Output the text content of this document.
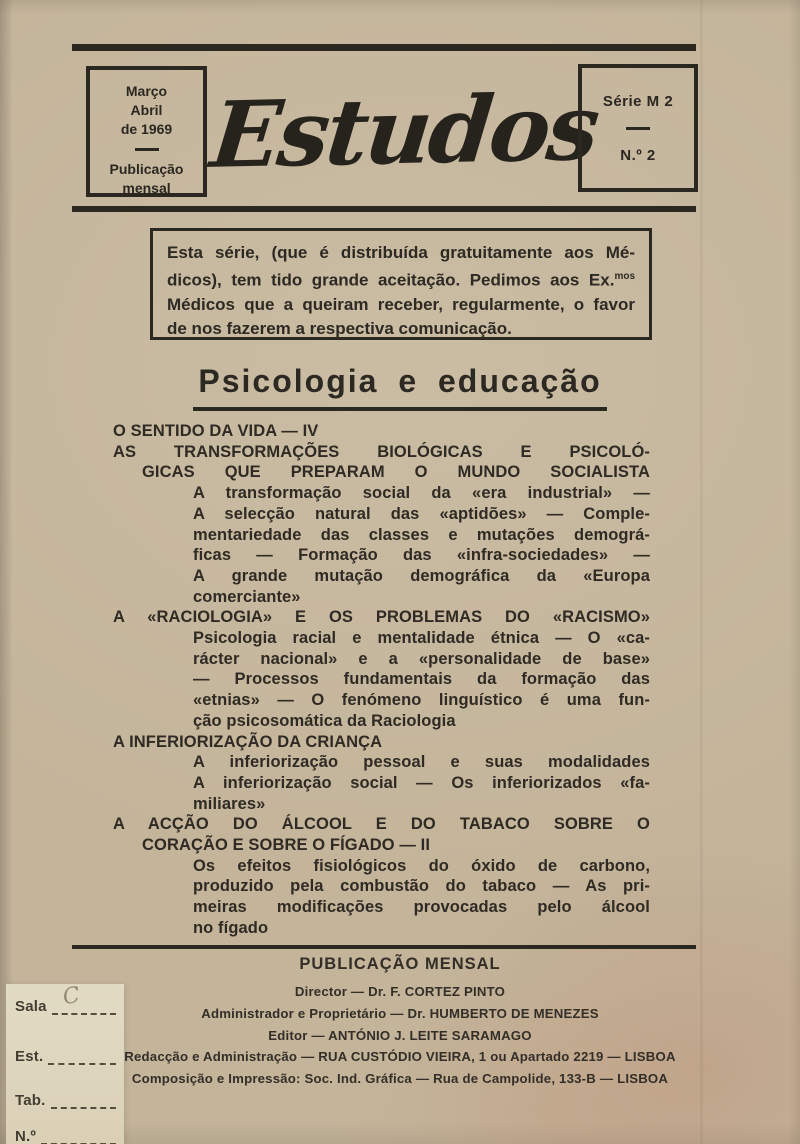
Março
Abril
de 1969
Publicação
mensal Estudos Série M 2
N.º 2
Esta série, (que é distribuída gratuitamente aos Mé-
dicos), tem tido grande aceitação. Pedimos aos Ex.$^{mos}$
Médicos que a queiram receber, regularmente, o favor
de nos fazerem a respectiva comunicação.
Psicologia e educação
O SENTIDO DA VIDA — IV
AS TRANSFORMAÇÕES BIOLÓGICAS E PSICOLÓ-
GICAS QUE PREPARAM O MUNDO SOCIALISTA
A transformação social da «era industrial» —
A selecção natural das «aptidões» — Comple-
mentariedade das classes e mutações demográ-
ficas — Formação das «infra-sociedades» —
A grande mutação demográfica da «Europa
comerciante»
A «RACIOLOGIA» E OS PROBLEMAS DO «RACISMO»
Psicologia racial e mentalidade étnica — O «ca-
rácter nacional» e a «personalidade de base»
— Processos fundamentais da formação das
«etnias» — O fenómeno linguístico é uma fun-
ção psicosomática da Raciologia
A INFERIORIZAÇÃO DA CRIANÇA
A inferiorização pessoal e suas modalidades
A inferiorização social — Os inferiorizados «fa-
miliares»
A ACÇÃO DO ÁLCOOL E DO TABACO SOBRE O
CORAÇÃO E SOBRE O FÍGADO — II
Os efeitos fisiológicos do óxido de carbono,
produzido pela combustão do tabaco — As pri-
meiras modificações provocadas pelo álcool
no fígado
PUBLICAÇÃO MENSAL
Director — Dr. F. CORTEZ PINTO
Administrador e Proprietário — Dr. HUMBERTO DE MENEZES
Editor — ANTÓNIO J. LEITE SARAMAGO
Redacção e Administração — RUA CUSTÓDIO VIEIRA, 1 ou Apartado 2219 — LISBOA
Composição e Impressão: Soc. Ind. Gráfica — Rua de Campolide, 133-B — LISBOA
Sala C
Est.
Tab.
N.º
